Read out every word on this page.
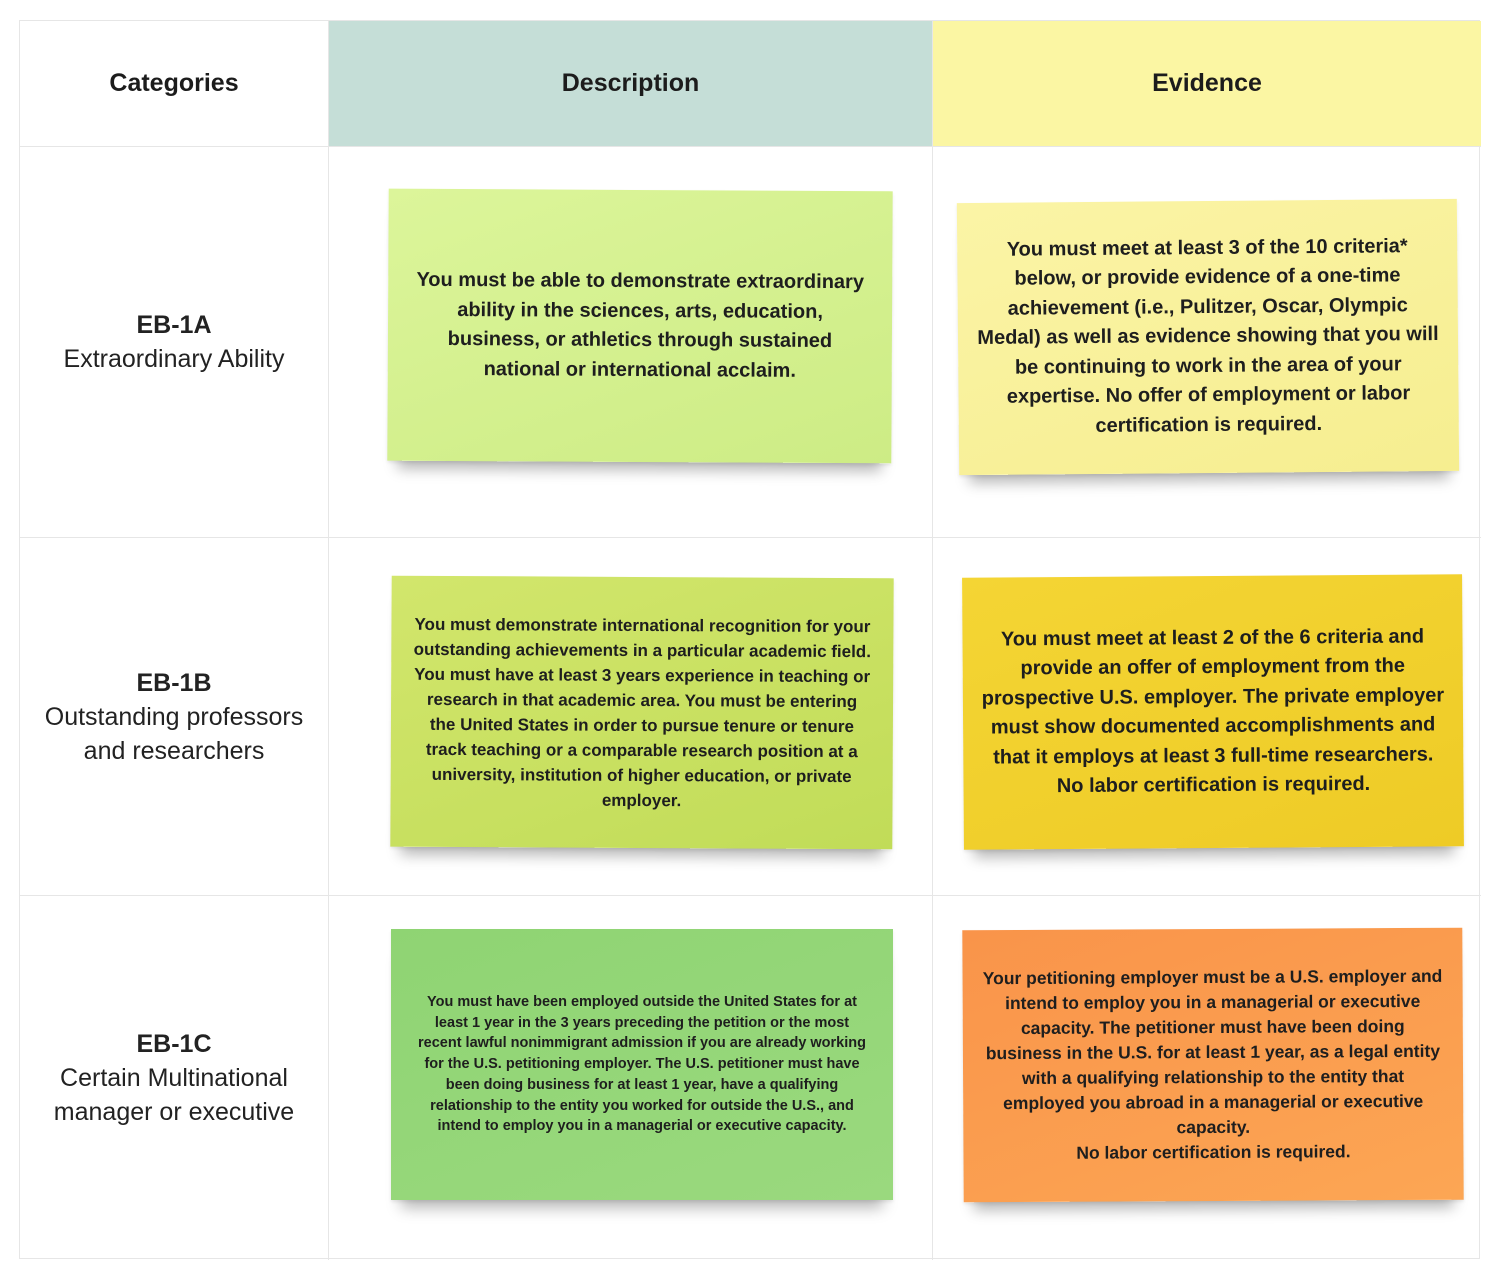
Categories	Description	Evidence
EB-1A
Extraordinary Ability
You must be able to demonstrate extraordinary ability in the sciences, arts, education, business, or athletics through sustained national or international acclaim.
You must meet at least 3 of the 10 criteria* below, or provide evidence of a one-time achievement (i.e., Pulitzer, Oscar, Olympic Medal) as well as evidence showing that you will be continuing to work in the area of your expertise. No offer of employment or labor certification is required.
EB-1B
Outstanding professors and researchers
You must demonstrate international recognition for your outstanding achievements in a particular academic field. You must have at least 3 years experience in teaching or research in that academic area. You must be entering the United States in order to pursue tenure or tenure track teaching or a comparable research position at a university, institution of higher education, or private employer.
You must meet at least 2 of the 6 criteria and provide an offer of employment from the prospective U.S. employer. The private employer must show documented accomplishments and that it employs at least 3 full-time researchers. No labor certification is required.
EB-1C
Certain Multinational manager or executive
You must have been employed outside the United States for at least 1 year in the 3 years preceding the petition or the most recent lawful nonimmigrant admission if you are already working for the U.S. petitioning employer. The U.S. petitioner must have been doing business for at least 1 year, have a qualifying relationship to the entity you worked for outside the U.S., and intend to employ you in a managerial or executive capacity.
Your petitioning employer must be a U.S. employer and intend to employ you in a managerial or executive capacity. The petitioner must have been doing business in the U.S. for at least 1 year, as a legal entity with a qualifying relationship to the entity that employed you abroad in a managerial or executive capacity.
No labor certification is required.
